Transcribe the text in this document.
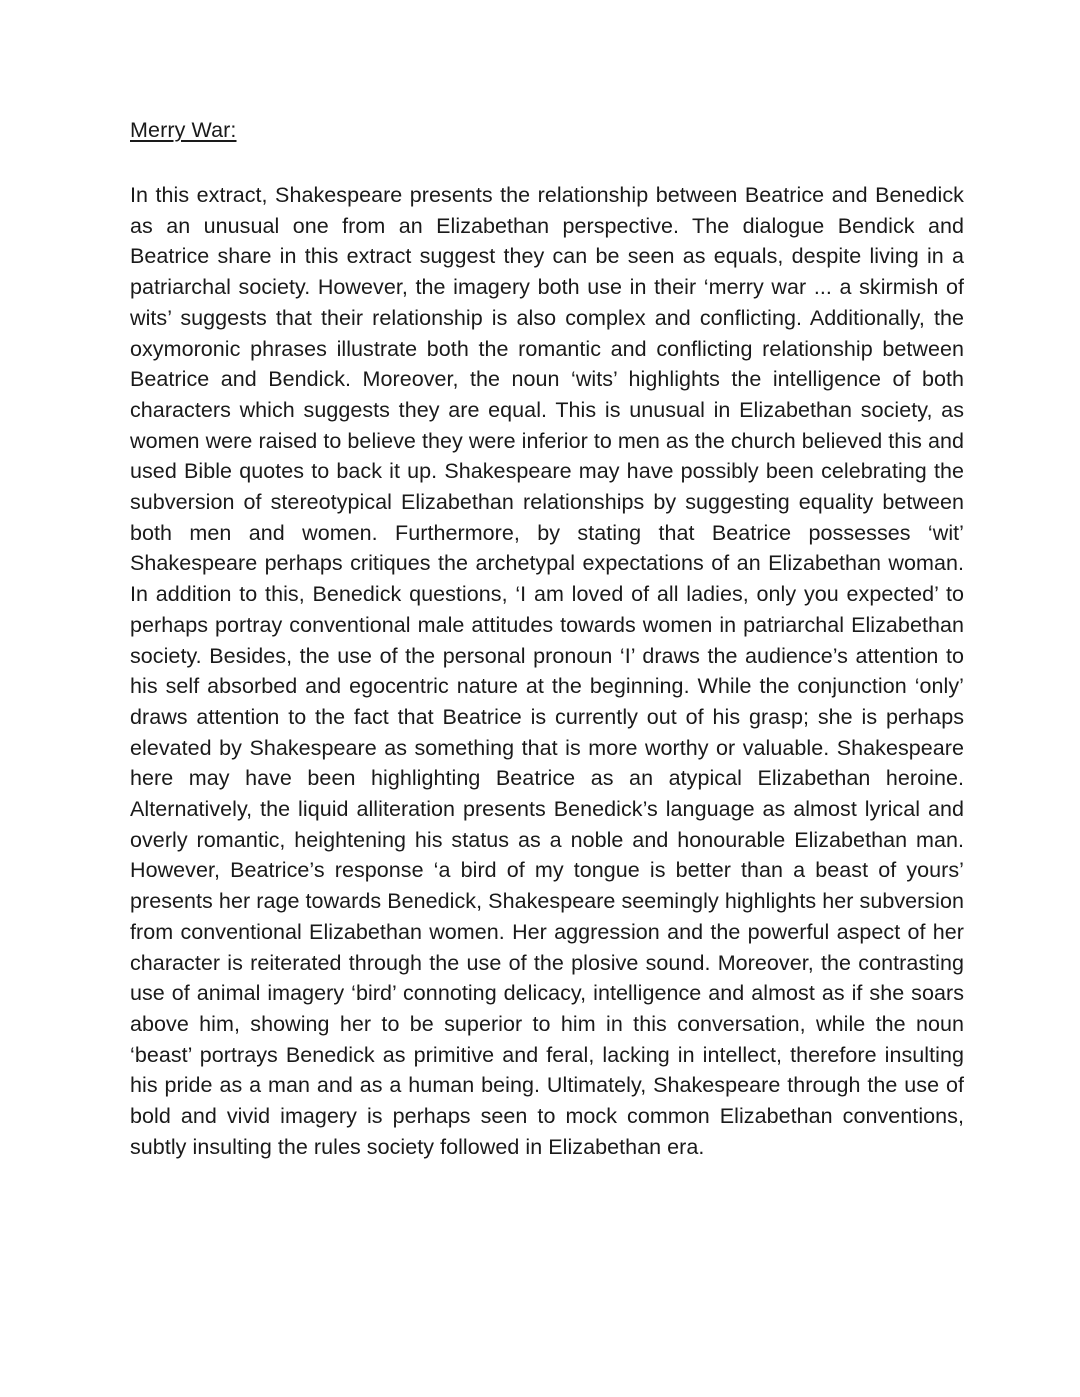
Merry War:

In this extract, Shakespeare presents the relationship between Beatrice and Benedick as an unusual one from an Elizabethan perspective. The dialogue Bendick and Beatrice share in this extract suggest they can be seen as equals, despite living in a patriarchal society. However, the imagery both use in their ‘merry war ... a skirmish of wits’ suggests that their relationship is also complex and conflicting. Additionally, the oxymoronic phrases illustrate both the romantic and conflicting relationship between Beatrice and Bendick. Moreover, the noun ‘wits’ highlights the intelligence of both characters which suggests they are equal. This is unusual in Elizabethan society, as women were raised to believe they were inferior to men as the church believed this and used Bible quotes to back it up. Shakespeare may have possibly been celebrating the subversion of stereotypical Elizabethan relationships by suggesting equality between both men and women. Furthermore, by stating that Beatrice possesses ‘wit’ Shakespeare perhaps critiques the archetypal expectations of an Elizabethan woman. In addition to this, Benedick questions, ‘I am loved of all ladies, only you expected’ to perhaps portray conventional male attitudes towards women in patriarchal Elizabethan society. Besides, the use of the personal pronoun ‘I’ draws the audience’s attention to his self absorbed and egocentric nature at the beginning. While the conjunction ‘only’ draws attention to the fact that Beatrice is currently out of his grasp; she is perhaps elevated by Shakespeare as something that is more worthy or valuable. Shakespeare here may have been highlighting Beatrice as an atypical Elizabethan heroine. Alternatively, the liquid alliteration presents Benedick’s language as almost lyrical and overly romantic, heightening his status as a noble and honourable Elizabethan man. However, Beatrice’s response ‘a bird of my tongue is better than a beast of yours’ presents her rage towards Benedick, Shakespeare seemingly highlights her subversion from conventional Elizabethan women. Her aggression and the powerful aspect of her character is reiterated through the use of the plosive sound. Moreover, the contrasting use of animal imagery ‘bird’ connoting delicacy, intelligence and almost as if she soars above him, showing her to be superior to him in this conversation, while the noun ‘beast’ portrays Benedick as primitive and feral, lacking in intellect, therefore insulting his pride as a man and as a human being. Ultimately, Shakespeare through the use of bold and vivid imagery is perhaps seen to mock common Elizabethan conventions, subtly insulting the rules society followed in Elizabethan era.
